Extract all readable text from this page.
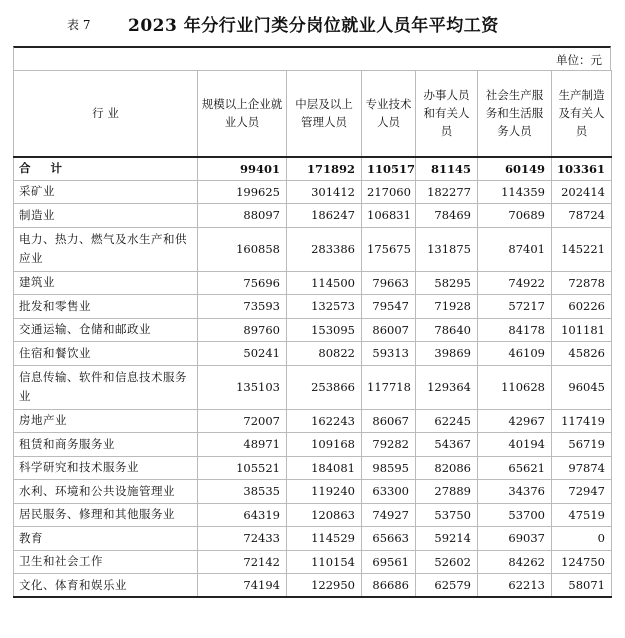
表 7 2023 年分行业门类分岗位就业人员年平均工资
单位：元
行 业	规模以上企业就业人员	中层及以上管理人员	专业技术人员	办事人员和有关人员	社会生产服务和生活服务人员	生产制造及有关人员
合 计	99401	171892	110517	81145	60149	103361
采矿业	199625	301412	217060	182277	114359	202414
制造业	88097	186247	106831	78469	70689	78724
电力、热力、燃气及水生产和供应业	160858	283386	175675	131875	87401	145221
建筑业	75696	114500	79663	58295	74922	72878
批发和零售业	73593	132573	79547	71928	57217	60226
交通运输、仓储和邮政业	89760	153095	86007	78640	84178	101181
住宿和餐饮业	50241	80822	59313	39869	46109	45826
信息传输、软件和信息技术服务业	135103	253866	117718	129364	110628	96045
房地产业	72007	162243	86067	62245	42967	117419
租赁和商务服务业	48971	109168	79282	54367	40194	56719
科学研究和技术服务业	105521	184081	98595	82086	65621	97874
水利、环境和公共设施管理业	38535	119240	63300	27889	34376	72947
居民服务、修理和其他服务业	64319	120863	74927	53750	53700	47519
教育	72433	114529	65663	59214	69037	0
卫生和社会工作	72142	110154	69561	52602	84262	124750
文化、体育和娱乐业	74194	122950	86686	62579	62213	58071
